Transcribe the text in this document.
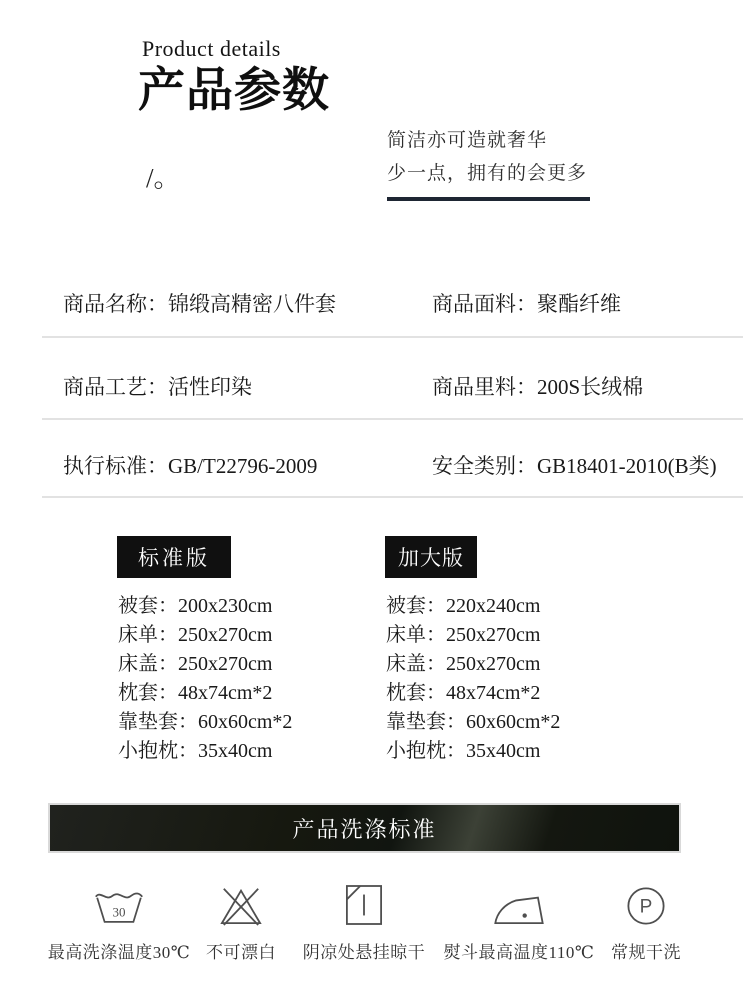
Product details
产品参数
/。
简洁亦可造就奢华
少一点，拥有的会更多
商品名称：锦缎高精密八件套	商品面料：聚酯纤维
商品工艺：活性印染	商品里料：200S长绒棉
执行标准：GB/T22796-2009	安全类别：GB18401-2010(B类)
标准版	加大版
被套：200x230cm
床单：250x270cm
床盖：250x270cm
枕套：48x74cm*2
靠垫套：60x60cm*2
小抱枕：35x40cm
被套：220x240cm
床单：250x270cm
床盖：250x270cm
枕套：48x74cm*2
靠垫套：60x60cm*2
小抱枕：35x40cm
产品洗涤标准
30
最高洗涤温度30℃ 不可漂白	阴凉处悬挂晾干	熨斗最高温度110℃
P
常规干洗
